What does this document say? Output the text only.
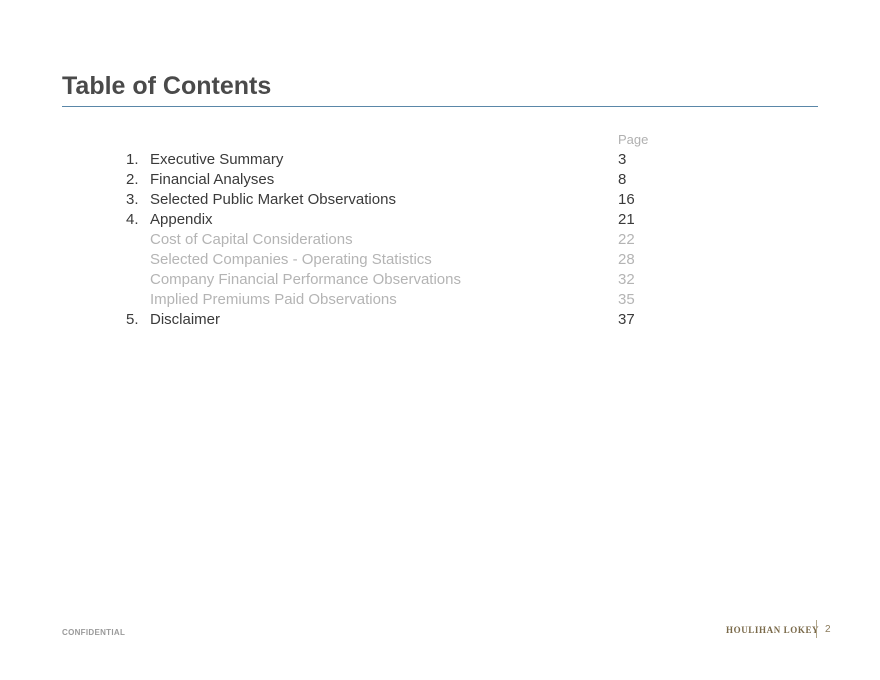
Table of Contents
Page
1. Executive Summary	3
2. Financial Analyses	8
3. Selected Public Market Observations	16
4. Appendix	21
Cost of Capital Considerations	22
Selected Companies - Operating Statistics	28
Company Financial Performance Observations	32
Implied Premiums Paid Observations	35
5. Disclaimer	37
CONFIDENTIAL	HOULIHAN LOKEY 2
